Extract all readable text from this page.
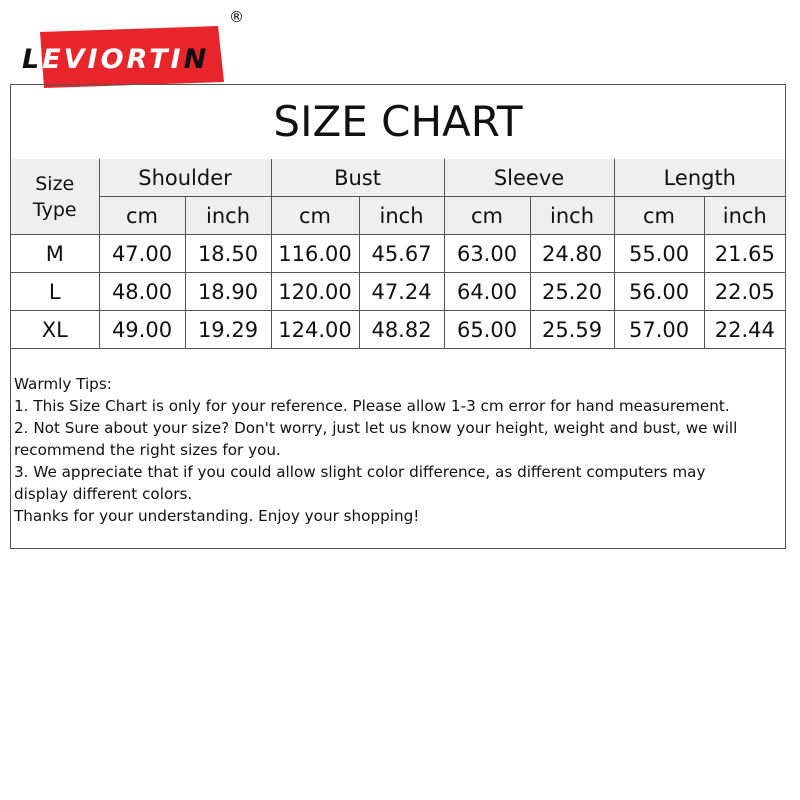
LEVIORTIN
®
SIZE CHART
Size
Type	Shoulder		Bust		Sleeve		Length	
	cm	inch	cm	inch	cm	inch	cm	inch
M	47.00	18.50	116.00	45.67	63.00	24.80	55.00	21.65
L	48.00	18.90	120.00	47.24	64.00	25.20	56.00	22.05
XL	49.00	19.29	124.00	48.82	65.00	25.59	57.00	22.44
Warmly Tips:
1. This Size Chart is only for your reference. Please allow 1-3 cm error for hand measurement.
2. Not Sure about your size? Don't worry, just let us know your height, weight and bust, we will
recommend the right sizes for you.
3. We appreciate that if you could allow slight color difference, as different computers may
display different colors.
Thanks for your understanding. Enjoy your shopping!
